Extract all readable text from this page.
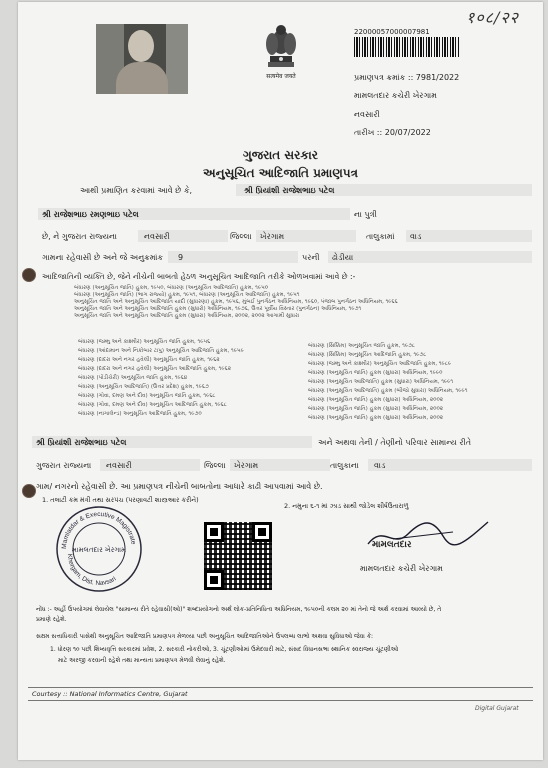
१०८/२२
सत्यमेव जयते
22000057000007981
પ્રમાણપત્ર ક્રમાંક :: 7981/2022
મામલતદાર કચેરી ખેરગામ
નવસારી
તારીખ :: 20/07/2022
ગુજરાત સરકાર
અનુસૂચિત આદિજાતિ પ્રમાણપત્ર
આથી પ્રમાણિત કરવામાં આવે છે કે,	શ્રી પ્રિયાંશી રાજેશભાઇ પટેલ
શ્રી રાજેશભાઇ રમણભાઇ પટેલ	ના પુત્રી
છે, ને ગુજરાત રાજ્યના	નવસારી	જિલ્લા ખેરગામ	તાલુકામાં વાડ
ગામના રહેવાસી છે અને જે અનુક્રમાંક 9	પરની ઢોડીયા
આદિજાતિની વ્યક્તિ છે, જેને નીચેની બાબતો હેઠળ અનુસૂચિત આદિજાતિ તરીકે ઓળખવામાં આવે છે :-
બંધારણ (અનુસૂચિત જાતિ) હુકમ, ૧૯૫૦, બંધારણ (અનુસૂચિત આદિજાતિ) હુકમ, ૧૯૫૦
બંધારણ (અનુસૂચિત જાતિ) (ભાગ રાજ્યો) હુકમ, ૧૯૫૧, બંધારણ (અનુસૂચિત આદિજાતિ) હુકમ, ૧૯૫૧
અનુસૂચિત જાતિ અને અનુસૂચિત આદિજાતિ યાદી (સુધારણા) હુકમ, ૧૯૫૬, મુંબઈ પુનર્ગઠન અધિનિયમ, ૧૯૬૦, પંજાબ પુનર્ગઠન અધિનિયમ, ૧૯૬૬
અનુસૂચિત જાતિ અને અનુસૂચિત આદિજાતિ હુકમ (સુધારો) અધિનિયમ, ૧૯૭૬, ઉત્તર પૂર્વીય વિસ્તાર (પુનર્ગઠન) અધિનિયમ, ૧૯૭૧
અનુસૂચિત જાતિ અને અનુસૂચિત આદિજાતિ હુકમ (સુધારા) અધિનિયમ, ૨૦૦૨, ૨૦૦૨ આગામી સુધારા
બંધારણ (જમ્મુ અને કાશ્મીર) અનુસૂચિત જાતિ હુકમ, ૧૯૫૬
બંધારણ (આંદામાન અને નિકોબાર ટાપુ) અનુસૂચિત આદિજાતિ હુકમ, ૧૯૫૯
બંધારણ (દાદરા અને નગર હવેલી) અનુસૂચિત જાતિ હુકમ, ૧૯૬૨
બંધારણ (દાદરા અને નગર હવેલી) અનુસૂચિત આદિજાતિ હુકમ, ૧૯૬૨
બંધારણ (પોંડીચેરી) અનુસૂચિત જાતિ હુકમ, ૧૯૬૪
બંધારણ (અનુસૂચિત આદિજાતિ) (ઉત્તર પ્રદેશ) હુકમ, ૧૯૬૭
બંધારણ (ગોવા, દમણ અને દીવ) અનુસૂચિત જાતિ હુકમ, ૧૯૬૮
બંધારણ (ગોવા, દમણ અને દીવ) અનુસૂચિત આદિજાતિ હુકમ, ૧૯૬૮
બંધારણ (નાગાલેન્ડ) અનુસૂચિત આદિજાતિ હુકમ, ૧૯૭૦
બંધારણ (સિક્કિમ) અનુસૂચિત જાતિ હુકમ, ૧૯૭૮
બંધારણ (સિક્કિમ) અનુસૂચિત આદિજાતિ હુકમ, ૧૯૭૮
બંધારણ (જમ્મુ અને કાશ્મીર) અનુસૂચિત આદિજાતિ હુકમ, ૧૯૮૯
બંધારણ (અનુસૂચિત જાતિ) હુકમ (સુધારા) અધિનિયમ, ૧૯૯૦
બંધારણ (અનુસૂચિત આદિજાતિ) હુકમ (સુધારા) અધિનિયમ, ૧૯૯૧
બંધારણ (અનુસૂચિત આદિજાતિ) હુકમ (બીજો સુધારા) અધિનિયમ, ૧૯૯૧
બંધારણ (અનુસૂચિત જાતિ) હુકમ (સુધારા) અધિનિયમ, ૨૦૦૨
બંધારણ (અનુસૂચિત જાતિ) હુકમ (સુધારા) અધિનિયમ, ૨૦૦૨
બંધારણ (અનુસૂચિત જાતિ) હુકમ (સુધારા) અધિનિયમ, ૨૦૦૨
શ્રી પ્રિયાંશી રાજેશભાઇ પટેલ	અને અથવા તેની / તેણીનો પરિવાર સામાન્ય રીતે
ગુજરાત રાજ્યના નવસારી	જિલ્લા ખેરગામ	તાલુકાના વાડ
ગામ/ નગરનો રહેવાસી છે. આ પ્રમાણપત્ર નીચેની બાબતોના આધારે કાઢી આપવામાં આવે છે.
1. તલાટી કમ મંત્રી તથા સરપંચ (પરણાવટી શાસ્ત્રઆર કરીને)
2. નમુના ૬-૧ માં ઝાડ સાથી જોડેલ શીર્ષઉતારાળું
Mamlatdar & Executive Magistrate
Khergam, Dist. Navsari
મામલતદાર ખેરગામ	મામલતદાર
મામલતદાર કચેરી ખેરગામ
નોંધ :- અહીં ઉપયોગમાં લેવાયેલ "સામાન્ય રીતે રહેવાસી(ઓ)" શબ્દપ્રયોગનો અર્થ લોક-પ્રતિનિધિત્વ અધિનિયમ, ૧૯૫૦ની કલમ ૨૦ માં તેનો જે અર્થ કરવામાં આવ્યો છે, તે
પ્રમાણે રહેશે.
સક્ષમ સત્તાધિકારી પાસેથી અનુસૂચિત આદિજાતિ પ્રમાણપત્ર મેળવ્યા પછી અનુસૂચિત આદિજાતિઓને ઉપલબ્ધ લાભો અથવા સુવિધાઓ જેવા કે:
1. ધોરણ ૧૦ પછી શિષ્યવૃત્તિ સરકારમાં પ્રવેશ, 2. સરકારી નોકરીઓ, 3. ચૂંટણીઓમાં ઉમેદવારી માટે, સંસદ વિધાનસભા સ્થાનિક સ્વરાજ્ય ચૂંટણીઓ
માટે અરજી કરવાની રહેશે તથા માન્યતા પ્રમાણપત્ર મેળવી લેવાનું રહેશે.
Courtesy :: National Informatics Centre, Gujarat
Digital Gujarat
